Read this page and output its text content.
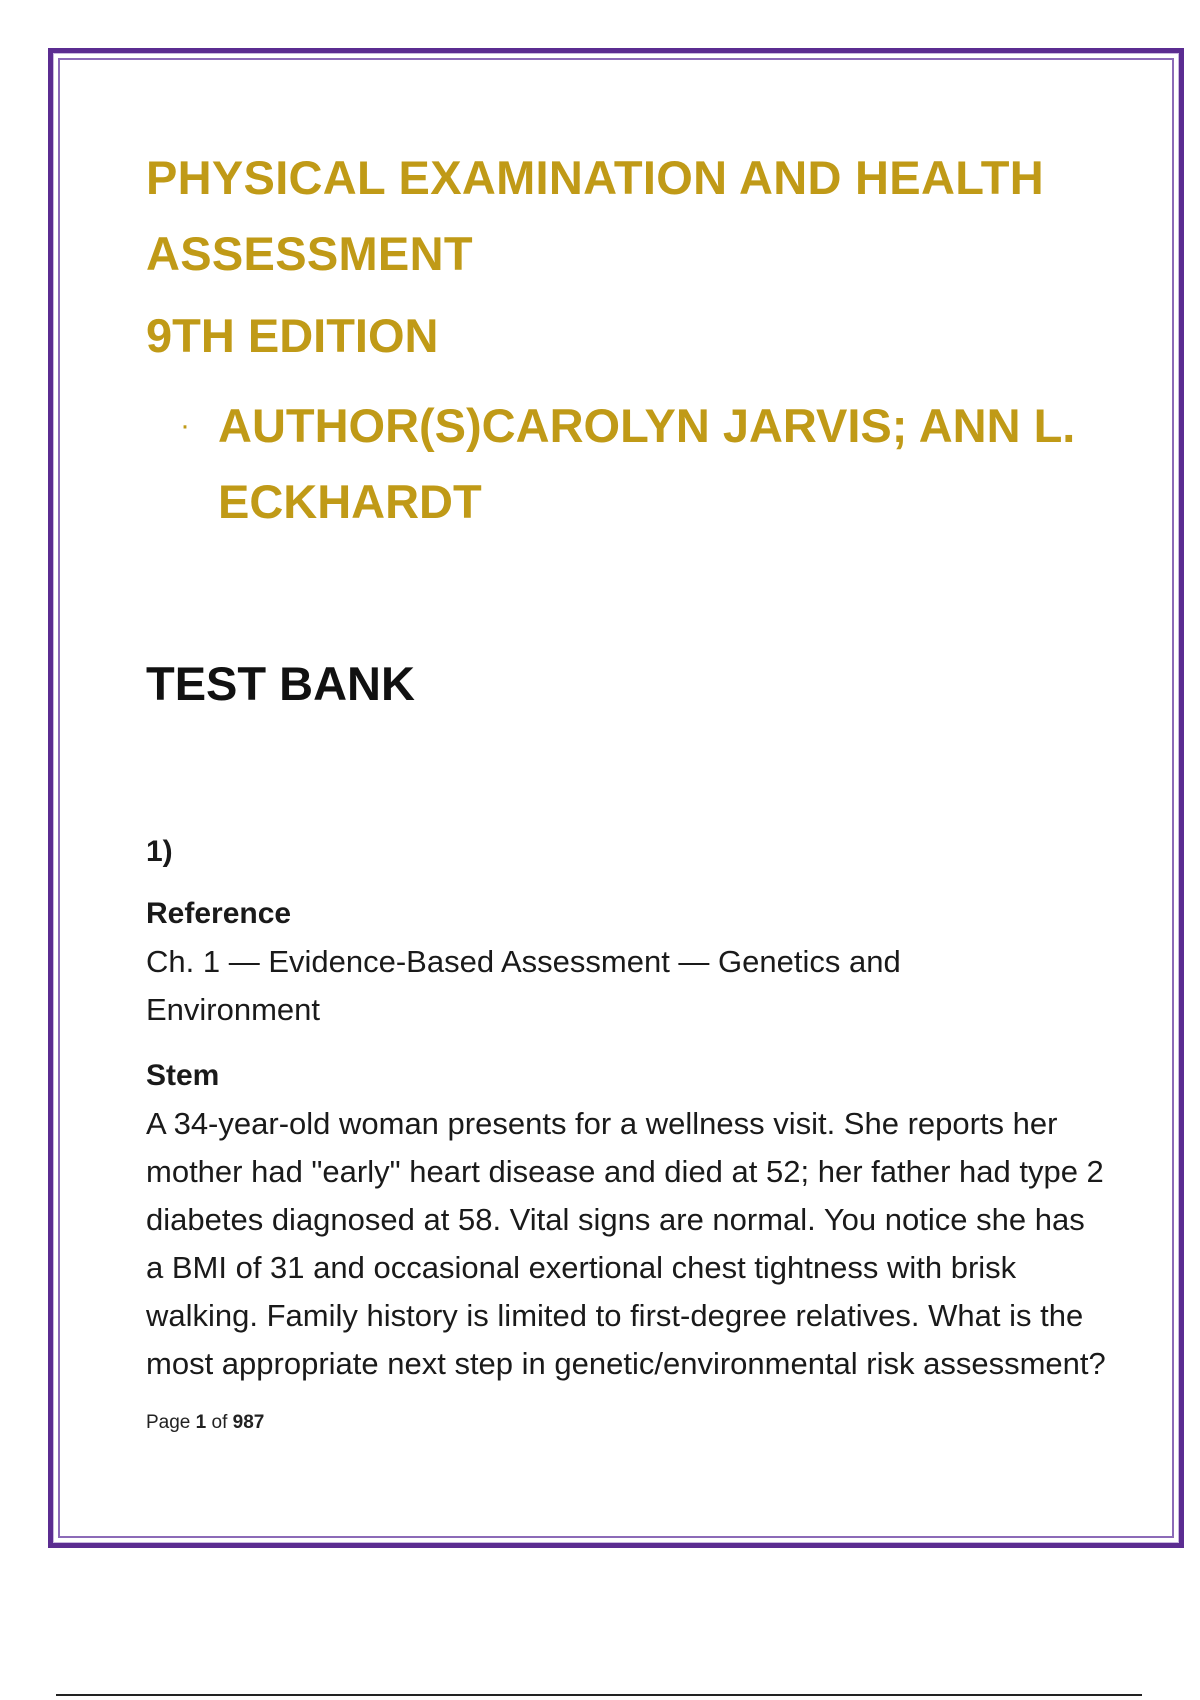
PHYSICAL EXAMINATION AND HEALTH ASSESSMENT
9TH EDITION
· AUTHOR(S)CAROLYN JARVIS; ANN L. ECKHARDT
TEST BANK
1)
Reference
Ch. 1 — Evidence-Based Assessment — Genetics and Environment
Stem
A 34-year-old woman presents for a wellness visit. She reports her mother had "early" heart disease and died at 52; her father had type 2 diabetes diagnosed at 58. Vital signs are normal. You notice she has a BMI of 31 and occasional exertional chest tightness with brisk walking. Family history is limited to first-degree relatives. What is the most appropriate next step in genetic/environmental risk assessment?
Page 1 of 987
